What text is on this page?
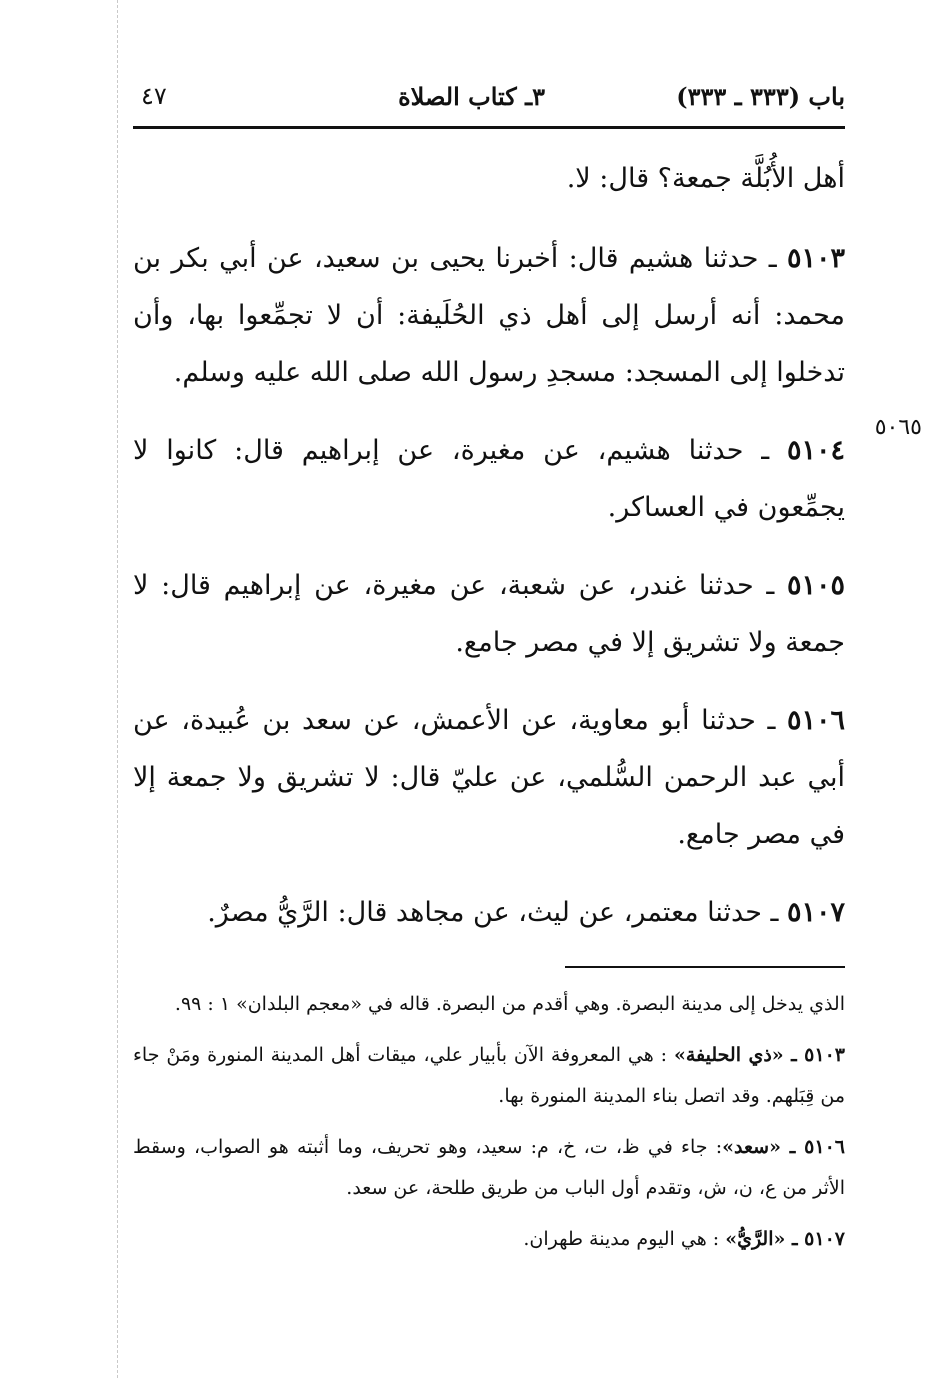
باب (٣٣٣ ـ ٣٣٣)
٣ـ كتاب الصلاة
٤٧
٥٠٦٥

أهل الأُبُلَّة جمعة؟ قال: لا.

٥١٠٣ ـ حدثنا هشيم قال: أخبرنا يحيى بن سعيد، عن أبي بكر بن محمد: أنه أرسل إلى أهل ذي الحُلَيفة: أن لا تجمِّعوا بها، وأن تدخلوا إلى المسجد: مسجدِ رسول الله صلى الله عليه وسلم.

٥١٠٤ ـ حدثنا هشيم، عن مغيرة، عن إبراهيم قال: كانوا لا يجمِّعون في العساكر.

٥١٠٥ ـ حدثنا غندر، عن شعبة، عن مغيرة، عن إبراهيم قال: لا جمعة ولا تشريق إلا في مصر جامع.

٥١٠٦ ـ حدثنا أبو معاوية، عن الأعمش، عن سعد بن عُبيدة، عن أبي عبد الرحمن السُّلمي، عن عليّ قال: لا تشريق ولا جمعة إلا في مصر جامع.

٥١٠٧ ـ حدثنا معتمر، عن ليث، عن مجاهد قال: الرَّيُّ مصرٌ.

الذي يدخل إلى مدينة البصرة. وهي أقدم من البصرة. قاله في «معجم البلدان» ١ : ٩٩.

٥١٠٣ ـ «ذي الحليفة» : هي المعروفة الآن بأبيار علي، ميقات أهل المدينة المنورة ومَنْ جاء من قِبَلهم. وقد اتصل بناء المدينة المنورة بها.

٥١٠٦ ـ «سعد»: جاء في ظ، ت، خ، م: سعيد، وهو تحريف، وما أثبته هو الصواب، وسقط الأثر من ع، ن، ش، وتقدم أول الباب من طريق طلحة، عن سعد.

٥١٠٧ ـ «الرَّيُّ» : هي اليوم مدينة طهران.
